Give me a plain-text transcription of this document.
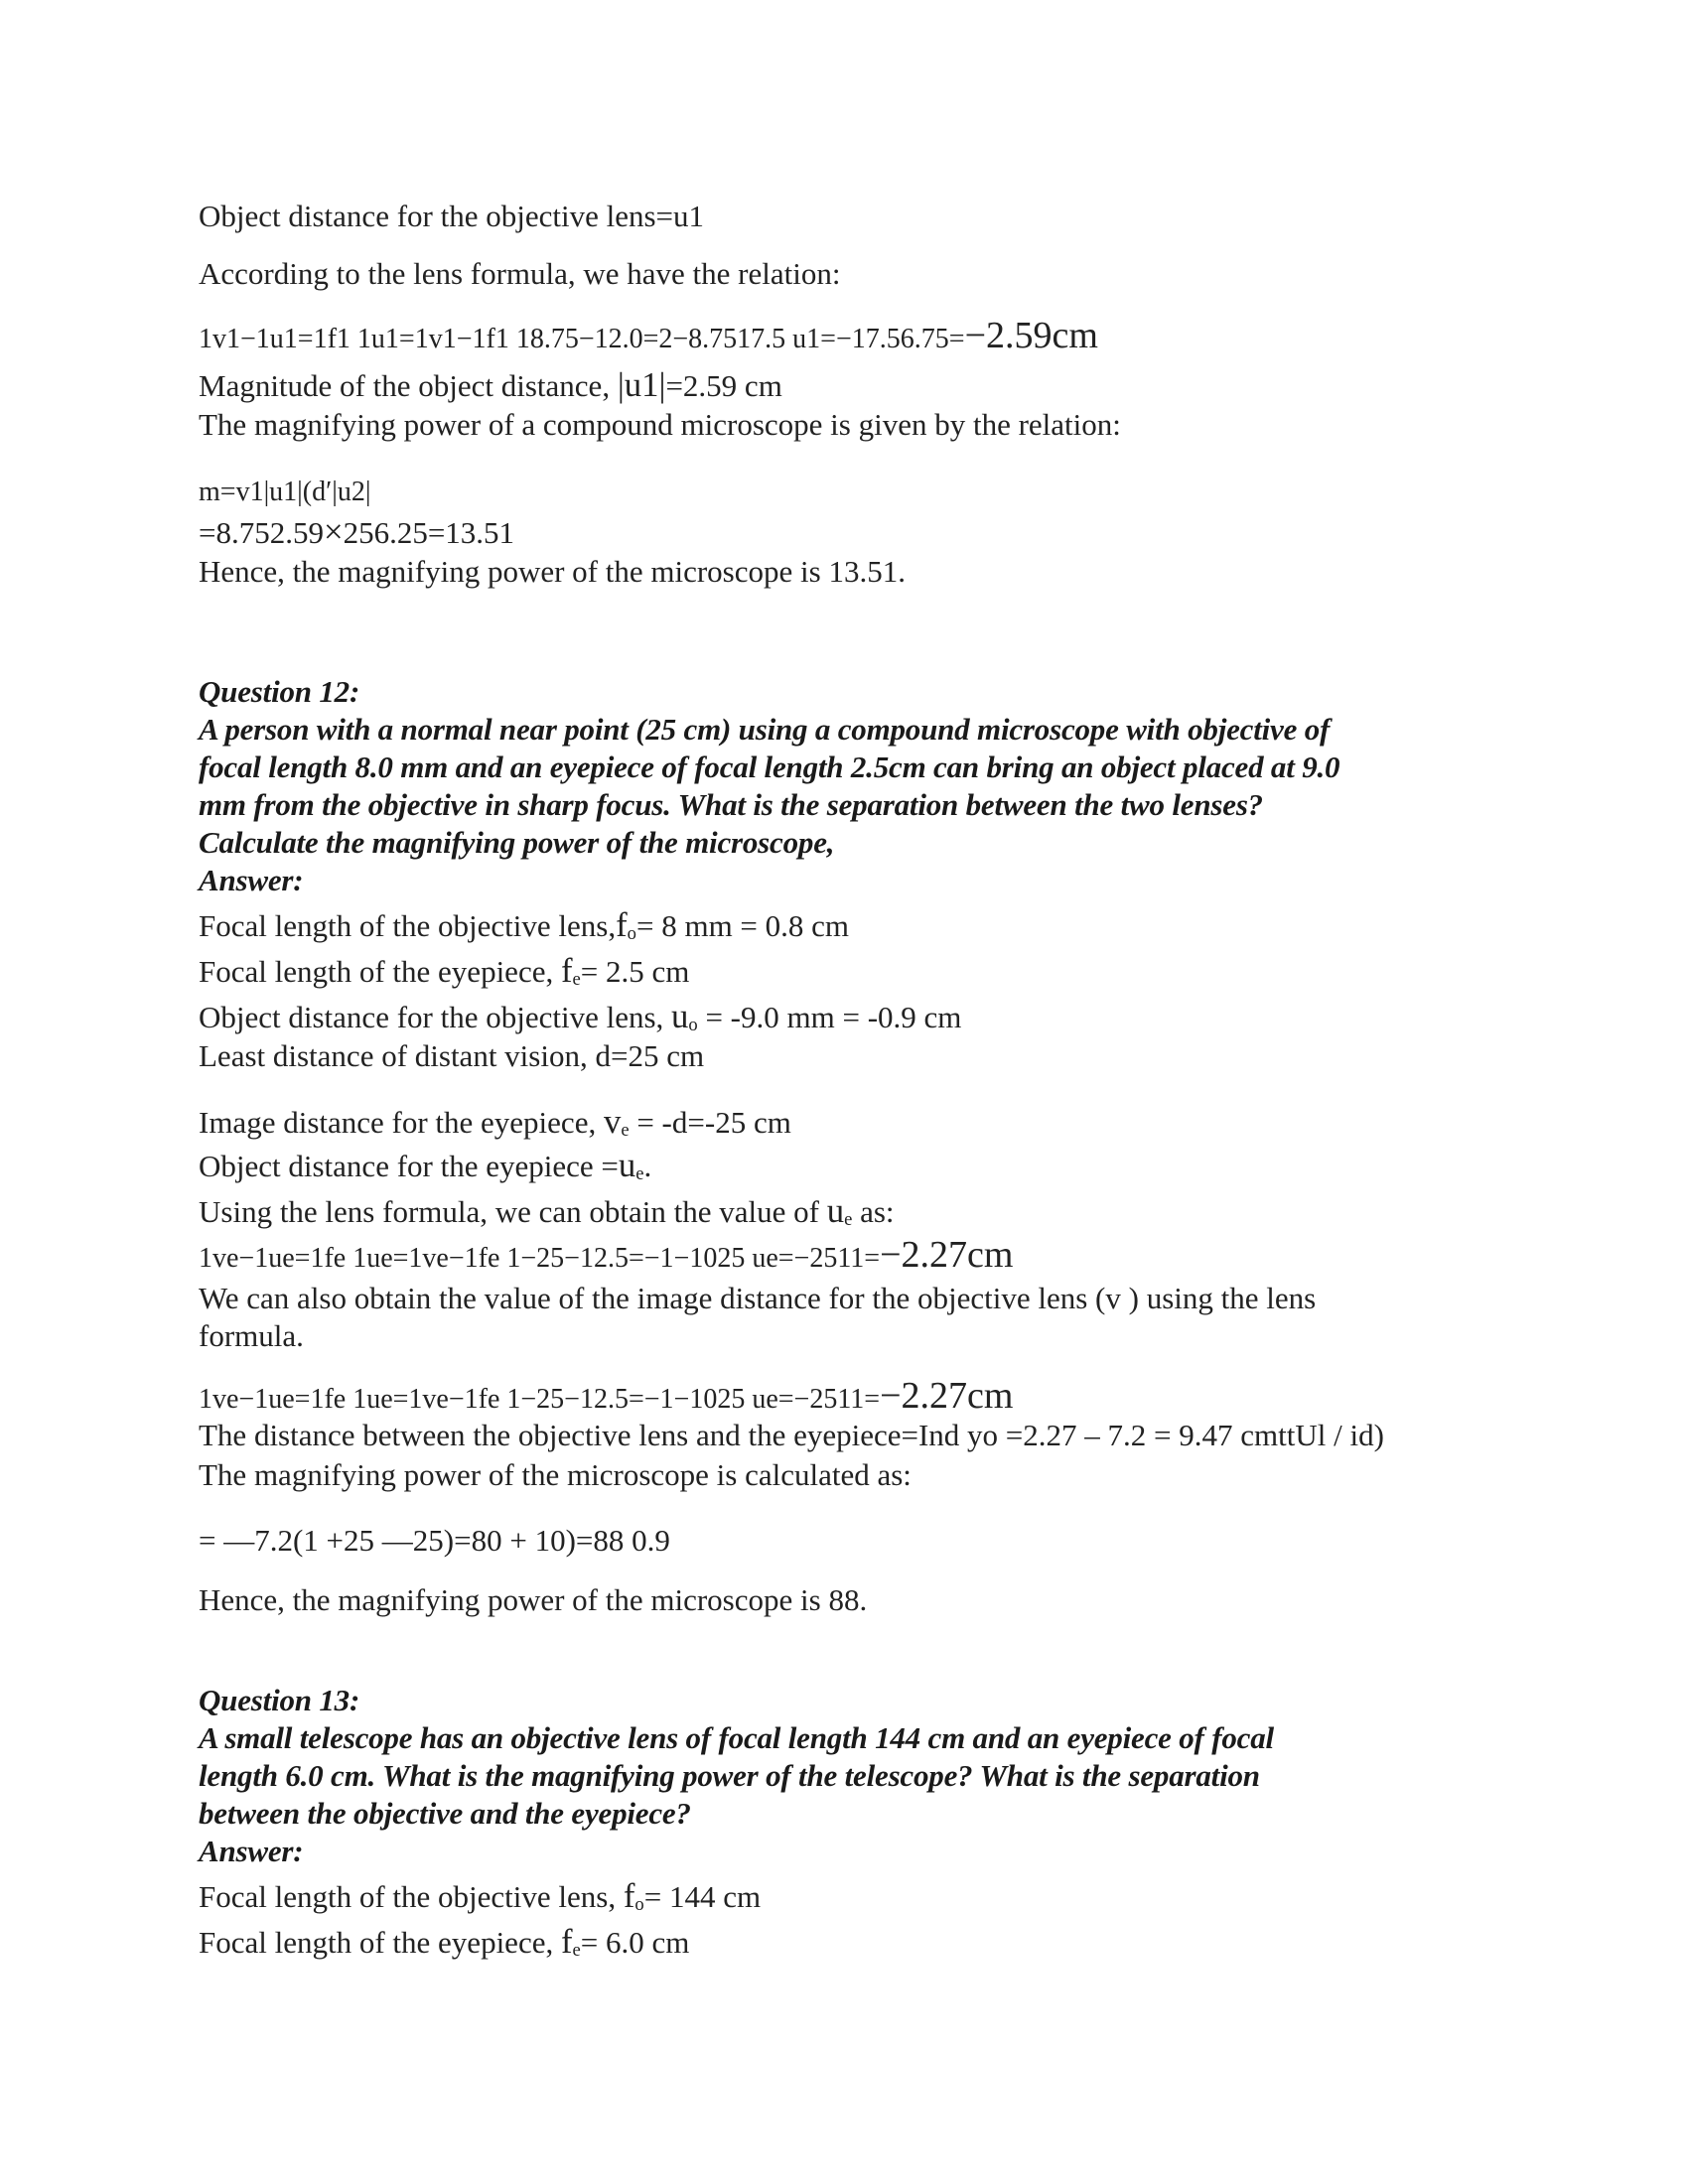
Object distance for the objective lens=u1
According to the lens formula, we have the relation:
1v1−1u1=1f1 1u1=1v1−1f1 18.75−12.0=2−8.7517.5 u1=−17.56.75=−2.59cm
Magnitude of the object distance, |u1|=2.59 cm
The magnifying power of a compound microscope is given by the relation:
m=v1|u1|(d′|u2|
=8.752.59×256.25=13.51
Hence, the magnifying power of the microscope is 13.51.
Question 12:
A person with a normal near point (25 cm) using a compound microscope with objective of
focal length 8.0 mm and an eyepiece of focal length 2.5cm can bring an object placed at 9.0
mm from the objective in sharp focus. What is the separation between the two lenses?
Calculate the magnifying power of the microscope,
Answer:
Focal length of the objective $lens,f_o= 8$ mm = 0.8 cm
Focal length of the eyepiece, $f_e= 2.5$ cm
Object distance for the objective lens, $u_o = -9.0$ mm = -0.9 cm
Least distance of distant vision, d=25 cm
Image distance for the eyepiece, $v_e = -d=-25$ cm
Object distance for the eyepiece $=u_e$.
Using the lens formula, we can obtain the value of $u_e$ as:
1ve−1ue=1fe 1ue=1ve−1fe 1−25−12.5=−1−1025 ue=−2511=−2.27cm
We can also obtain the value of the image distance for the objective lens (v ) using the lens
formula.
1ve−1ue=1fe 1ue=1ve−1fe 1−25−12.5=−1−1025 ue=−2511=−2.27cm
The distance between the objective lens and the eyepiece=Ind yo =2.27 – 7.2 = 9.47 cmttUl / id)
The magnifying power of the microscope is calculated as:
= —7.2(1 +25 —25)=80 + 10)=88 0.9
Hence, the magnifying power of the microscope is 88.
Question 13:
A small telescope has an objective lens of focal length 144 cm and an eyepiece of focal
length 6.0 cm. What is the magnifying power of the telescope? What is the separation
between the objective and the eyepiece?
Answer:
Focal length of the objective lens, $f_o= 144$ cm
Focal length of the eyepiece, $f_e= 6.0$ cm
